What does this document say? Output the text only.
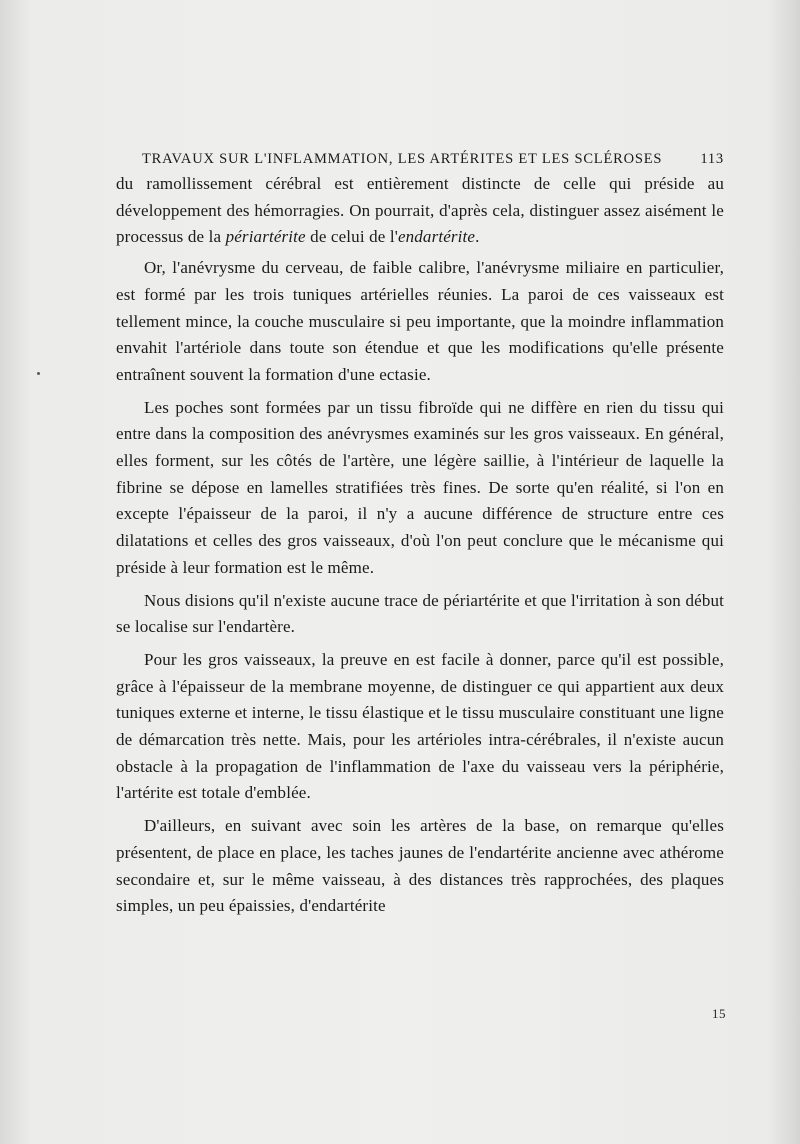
TRAVAUX SUR L'INFLAMMATION, LES ARTÉRITES ET LES SCLÉROSES	113

du ramollissement cérébral est entièrement distincte de celle qui préside au développement des hémorragies. On pourrait, d'après cela, distinguer assez aisément le processus de la périartérite de celui de l'endartérite.

Or, l'anévrysme du cerveau, de faible calibre, l'anévrysme miliaire en particulier, est formé par les trois tuniques artérielles réunies. La paroi de ces vaisseaux est tellement mince, la couche musculaire si peu importante, que la moindre inflammation envahit l'artériole dans toute son étendue et que les modifications qu'elle présente entraînent souvent la formation d'une ectasie.

Les poches sont formées par un tissu fibroïde qui ne diffère en rien du tissu qui entre dans la composition des anévrysmes examinés sur les gros vaisseaux. En général, elles forment, sur les côtés de l'artère, une légère saillie, à l'intérieur de laquelle la fibrine se dépose en lamelles stratifiées très fines. De sorte qu'en réalité, si l'on en excepte l'épaisseur de la paroi, il n'y a aucune différence de structure entre ces dilatations et celles des gros vaisseaux, d'où l'on peut conclure que le mécanisme qui préside à leur formation est le même.

Nous disions qu'il n'existe aucune trace de périartérite et que l'irritation à son début se localise sur l'endartère.

Pour les gros vaisseaux, la preuve en est facile à donner, parce qu'il est possible, grâce à l'épaisseur de la membrane moyenne, de distinguer ce qui appartient aux deux tuniques externe et interne, le tissu élastique et le tissu musculaire constituant une ligne de démarcation très nette. Mais, pour les artérioles intra-cérébrales, il n'existe aucun obstacle à la propagation de l'inflammation de l'axe du vaisseau vers la périphérie, l'artérite est totale d'emblée.

D'ailleurs, en suivant avec soin les artères de la base, on remarque qu'elles présentent, de place en place, les taches jaunes de l'endartérite ancienne avec athérome secondaire et, sur le même vaisseau, à des distances très rapprochées, des plaques simples, un peu épaissies, d'endartérite

15
